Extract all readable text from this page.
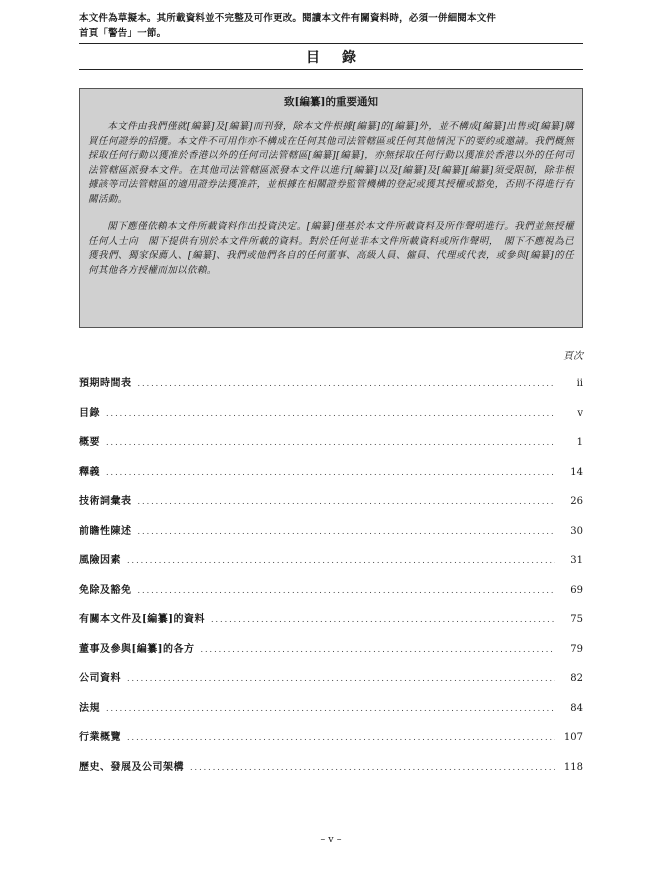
本文件為草擬本。其所載資料並不完整及可作更改。閱讀本文件有關資料時，必須一併細閱本文件
首頁「警告」一節。
目錄
致[編纂]的重要通知

本文件由我們僅就[編纂]及[編纂]而刊發，除本文件根據[編纂]的[編纂]外，並不構成[編纂]出售或[編纂]購買任何證券的招攬。本文件不可用作亦不構成在任何其他司法管轄區或任何其他情況下的要約或邀請。我們概無採取任何行動以獲准於香港以外的任何司法管轄區[編纂][編纂]，亦無採取任何行動以獲准於香港以外的任何司法管轄區派發本文件。在其他司法管轄區派發本文件以進行[編纂]以及[編纂]及[編纂][編纂]須受限制，除非根據該等司法管轄區的適用證券法獲准許，並根據在相關證券監管機構的登記或獲其授權或豁免，否則不得進行有關活動。

閣下應僅依賴本文件所載資料作出投資決定。[編纂]僅基於本文件所載資料及所作聲明進行。我們並無授權任何人士向　閣下提供有別於本文件所載的資料。對於任何並非本文件所載資料或所作聲明，　閣下不應視為已獲我們、獨家保薦人、[編纂]、我們或他們各自的任何董事、高級人員、僱員、代理或代表，或參與[編纂]的任何其他各方授權而加以依賴。

頁次
預期時間表 .....	ii
目錄 .....	v
概要 .....	1
釋義 .....	14
技術詞彙表 .....	26
前瞻性陳述 .....	30
風險因素 .....	31
免除及豁免 .....	69
有關本文件及[編纂]的資料 .....	75
董事及參與[編纂]的各方 .....	79
公司資料 .....	82
法規 .....	84
行業概覽 .....	107
歷史、發展及公司架構 .....	118
– v –
